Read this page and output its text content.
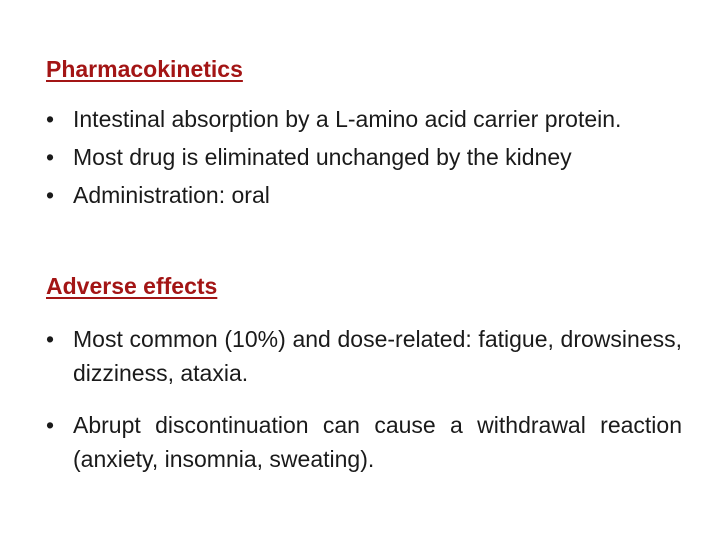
Pharmacokinetics
• Intestinal absorption by a L-amino acid carrier protein.
• Most drug is eliminated unchanged by the kidney
• Administration: oral
Adverse effects
• Most common (10%) and dose-related: fatigue, drowsiness, dizziness, ataxia.
• Abrupt discontinuation can cause a withdrawal reaction (anxiety, insomnia, sweating).
